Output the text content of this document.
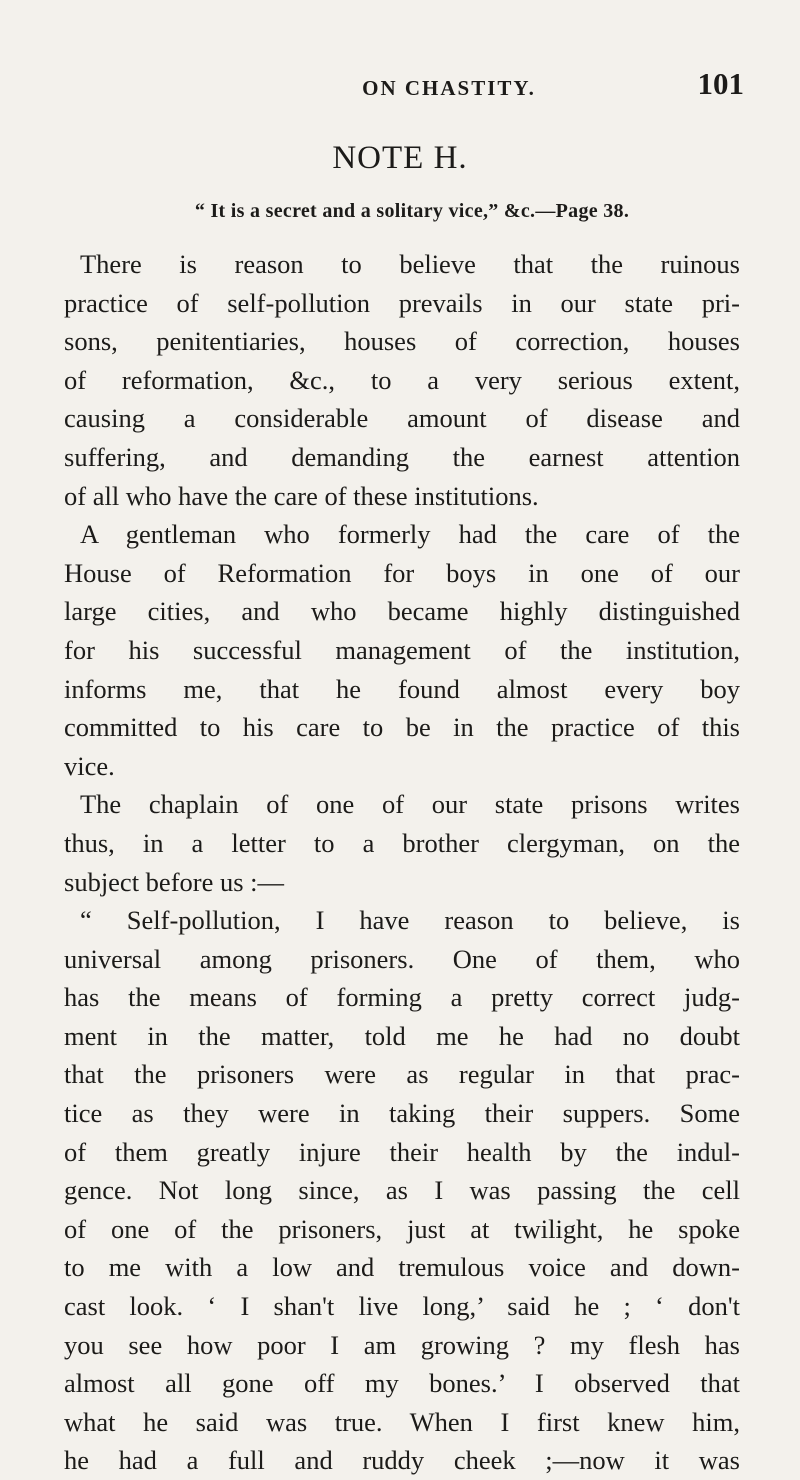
ON CHASTITY.	101
NOTE H.
“ It is a secret and a solitary vice,” &c.—Page 38.
There is reason to believe that the ruinous
practice of self-pollution prevails in our state pri-
sons, penitentiaries, houses of correction, houses
of reformation, &c., to a very serious extent,
causing a considerable amount of disease and
suffering, and demanding the earnest attention
of all who have the care of these institutions.
A gentleman who formerly had the care of the
House of Reformation for boys in one of our
large cities, and who became highly distinguished
for his successful management of the institution,
informs me, that he found almost every boy
committed to his care to be in the practice of this
vice.
The chaplain of one of our state prisons writes
thus, in a letter to a brother clergyman, on the
subject before us :—
“ Self-pollution, I have reason to believe, is
universal among prisoners. One of them, who
has the means of forming a pretty correct judg-
ment in the matter, told me he had no doubt
that the prisoners were as regular in that prac-
tice as they were in taking their suppers. Some
of them greatly injure their health by the indul-
gence. Not long since, as I was passing the cell
of one of the prisoners, just at twilight, he spoke
to me with a low and tremulous voice and down-
cast look. ‘ I shan't live long,’ said he ; ‘ don't
you see how poor I am growing ? my flesh has
almost all gone off my bones.’ I observed that
what he said was true. When I first knew him,
he had a full and ruddy cheek ;—now it was
